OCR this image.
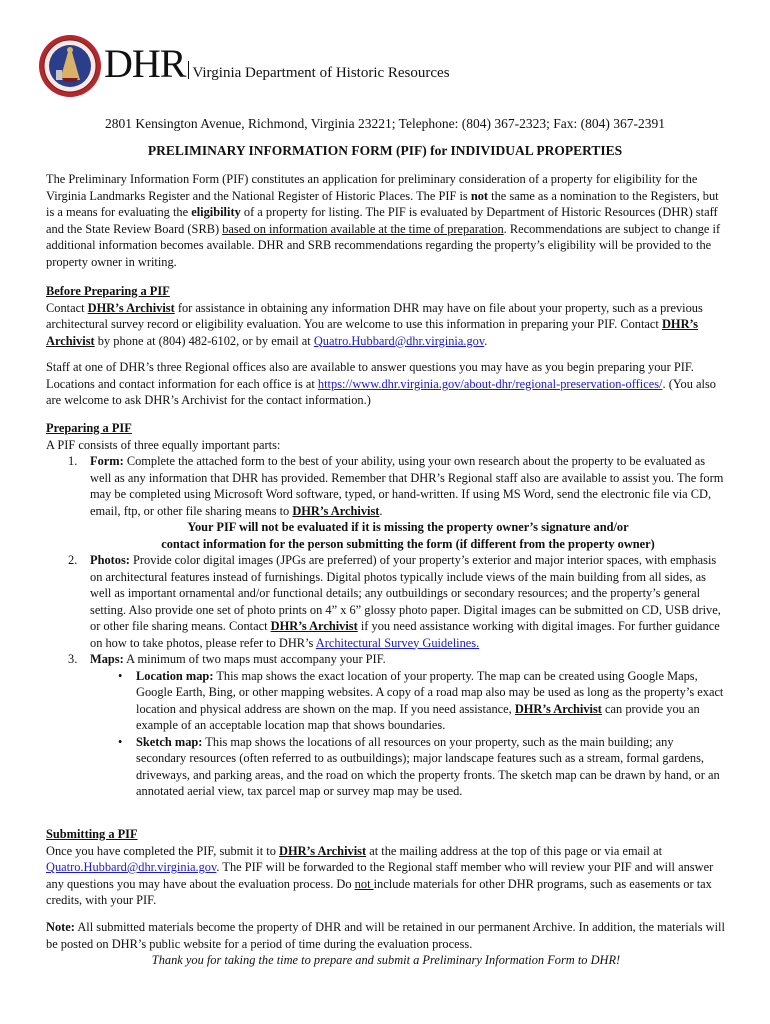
DHR Virginia Department of Historic Resources
2801 Kensington Avenue, Richmond, Virginia 23221; Telephone: (804) 367-2323; Fax: (804) 367-2391
PRELIMINARY INFORMATION FORM (PIF) for INDIVIDUAL PROPERTIES

The Preliminary Information Form (PIF) constitutes an application for preliminary consideration of a property for eligibility for the Virginia Landmarks Register and the National Register of Historic Places. The PIF is not the same as a nomination to the Registers, but is a means for evaluating the eligibility of a property for listing. The PIF is evaluated by Department of Historic Resources (DHR) staff and the State Review Board (SRB) based on information available at the time of preparation. Recommendations are subject to change if additional information becomes available. DHR and SRB recommendations regarding the property’s eligibility will be provided to the property owner in writing.

Before Preparing a PIF

Contact DHR’s Archivist for assistance in obtaining any information DHR may have on file about your property, such as a previous architectural survey record or eligibility evaluation. You are welcome to use this information in preparing your PIF. Contact DHR’s Archivist by phone at (804) 482-6102, or by email at Quatro.Hubbard@dhr.virginia.gov.

Staff at one of DHR’s three Regional offices also are available to answer questions you may have as you begin preparing your PIF. Locations and contact information for each office is at https://www.dhr.virginia.gov/about-dhr/regional-preservation-offices/. (You also are welcome to ask DHR’s Archivist for the contact information.)

Preparing a PIF

A PIF consists of three equally important parts:

1. Form: Complete the attached form to the best of your ability, using your own research about the property to be evaluated as well as any information that DHR has provided. Remember that DHR’s Regional staff also are available to assist you. The form may be completed using Microsoft Word software, typed, or hand-written. If using MS Word, send the electronic file via CD, email, ftp, or other file sharing means to DHR’s Archivist.
Your PIF will not be evaluated if it is missing the property owner’s signature and/or
contact information for the person submitting the form (if different from the property owner)
2. Photos: Provide color digital images (JPGs are preferred) of your property’s exterior and major interior spaces, with emphasis on architectural features instead of furnishings. Digital photos typically include views of the main building from all sides, as well as important ornamental and/or functional details; any outbuildings or secondary resources; and the property’s general setting. Also provide one set of photo prints on 4” x 6” glossy photo paper. Digital images can be submitted on CD, USB drive, or other file sharing means. Contact DHR’s Archivist if you need assistance working with digital images. For further guidance on how to take photos, please refer to DHR’s Architectural Survey Guidelines.
3. Maps: A minimum of two maps must accompany your PIF.
• Location map: This map shows the exact location of your property. The map can be created using Google Maps, Google Earth, Bing, or other mapping websites. A copy of a road map also may be used as long as the property’s exact location and physical address are shown on the map. If you need assistance, DHR’s Archivist can provide you an example of an acceptable location map that shows boundaries.
• Sketch map: This map shows the locations of all resources on your property, such as the main building; any secondary resources (often referred to as outbuildings); major landscape features such as a stream, formal gardens, driveways, and parking areas, and the road on which the property fronts. The sketch map can be drawn by hand, or an annotated aerial view, tax parcel map or survey map may be used.

Submitting a PIF

Once you have completed the PIF, submit it to DHR’s Archivist at the mailing address at the top of this page or via email at Quatro.Hubbard@dhr.virginia.gov. The PIF will be forwarded to the Regional staff member who will review your PIF and will answer any questions you may have about the evaluation process. Do not include materials for other DHR programs, such as easements or tax credits, with your PIF.

Note: All submitted materials become the property of DHR and will be retained in our permanent Archive. In addition, the materials will be posted on DHR’s public website for a period of time during the evaluation process.

Thank you for taking the time to prepare and submit a Preliminary Information Form to DHR!
